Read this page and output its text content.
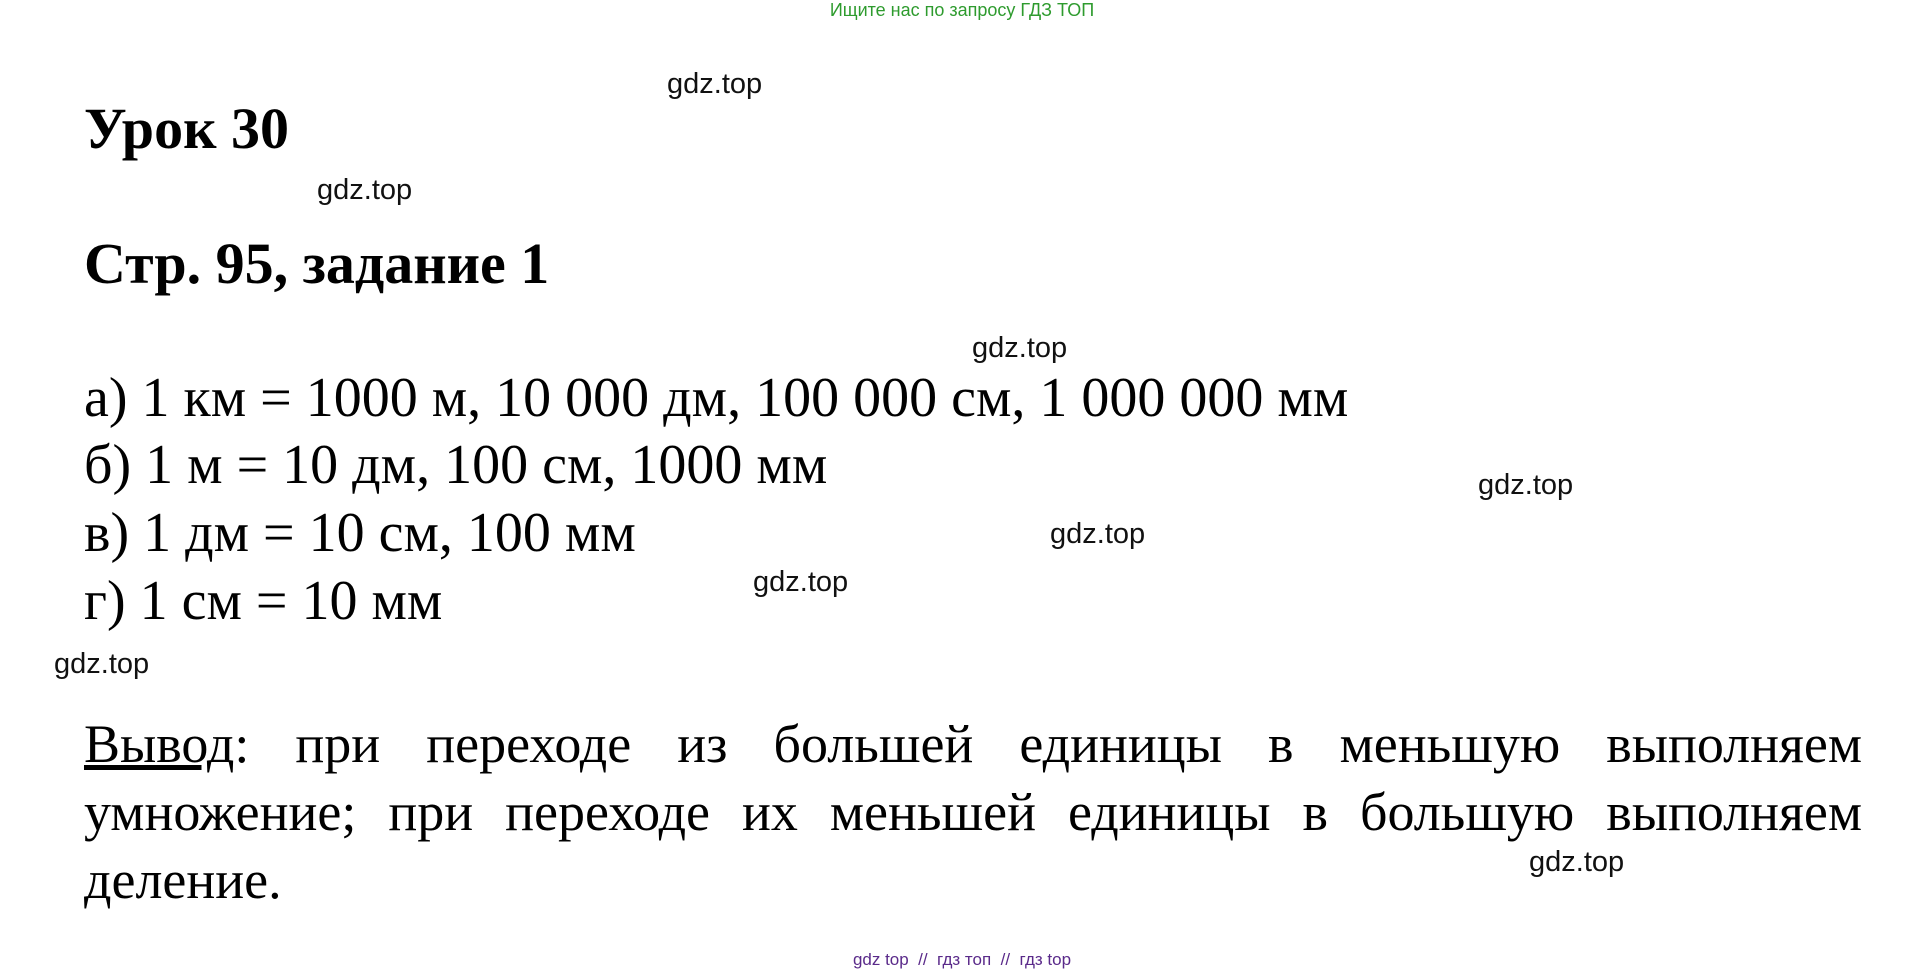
Ищите нас по запросу ГДЗ ТОП
Урок 30
Стр. 95, задание 1
а) 1 км = 1000 м, 10 000 дм, 100 000 см, 1 000 000 мм
б) 1 м = 10 дм, 100 см, 1000 мм
в) 1 дм = 10 см, 100 мм
г) 1 см = 10 мм
Вывод: при переходе из большей единицы в меньшую выполняем умножение; при переходе их меньшей единицы в большую выполняем деление.
gdz.top
gdz.top
gdz.top
gdz.top
gdz.top
gdz.top
gdz.top
gdz.top
gdz top  //  гдз топ  //  гдз top
